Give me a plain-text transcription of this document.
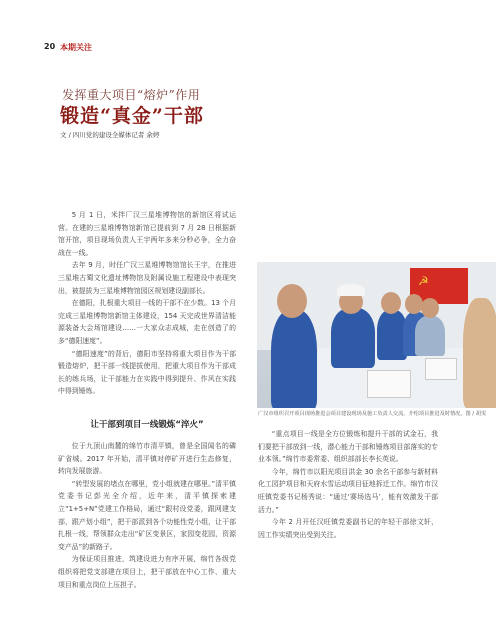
20 本期关注
发挥重大项目“熔炉”作用
锻造“真金”干部
文 / 四川党的建设全媒体记者 余婷

5 月 1 日，米拌厂汉三星堆博物馆的新馆区将试运营。在建的三星堆博物馆新馆已提前到 7 月 28 日根据新馆开馆，项目现场负责人王宇两年多来分秒必争，全力奋战在一线。

去年 9 月，时任广汉三星堆博物馆馆长王宇，在推进三星堆古蜀文化遗址博物馆及附属设施工程建设中表现突出，被提拔为三星堆博物馆园区规划建设副部长。

在德阳，扎根重大项目一线的干部不在少数。13 个月完成三星堆博物馆新馆主体建设，154 天完成世界清洁能源装备大会场馆建设……一大家众志成城，走在创造了的多“德阳速度”。

“德阳速度”的背后，德阳市坚持将重大项目作为干部锻造熔炉，把干部一线提拔使用，把重大项目作为干部成长的练兵场，让干部能力在实践中得到提升、作风在实践中得到锤炼。

让干部到项目一线锻炼“淬火”

位于九顶山南麓的绵竹市清平镇，曾是全国闻名的磷矿省城。2017 年开始，清平镇对停矿开进行生态修复，转向发展旅游。

“转型发展的堵点在哪里，党小组就建在哪里。”清平镇党委书记彭光全介绍，近年来，清平镇探索建立“1+5+N”党建工作格局，通过“跟村设党委，跟网建支部，跟产划小组”，把干部派到各个功能性党小组，让干部扎根一线，帮领群众走出“矿区变景区，家园变花园，资源变产品”的新路子。

为保证项目推进，筑建设进力有序开展，绵竹各级党组织将把党支部建在项目上，把干部放在中心工作、重大项目和重点岗位上压担子。

☭
广汉市组织召开项目现场推进会项目建设现场及施工负责人交流，介绍项目推进及时情况。图 / 胡雯

“重点项目一线是全方位锻炼和提升干部的试金石，我们要把干部放到一线，潜心能力干部和锤炼项目部落实的专业本领。”绵竹市委常委、组织部部长李长英说。

今年，绵竹市以阳光项目洪金 30 余名干部参与新材料化工园护项目和天府水雪运动项目征地拆迁工作。绵竹市汉旺镇党委书记杨秀说：“通过‘赛场选马’，能有效激发干部活力。”

今年 2 月开任汉旺镇党委副书记的年轻干部徐文轩，因工作实绩突出受到关注。
